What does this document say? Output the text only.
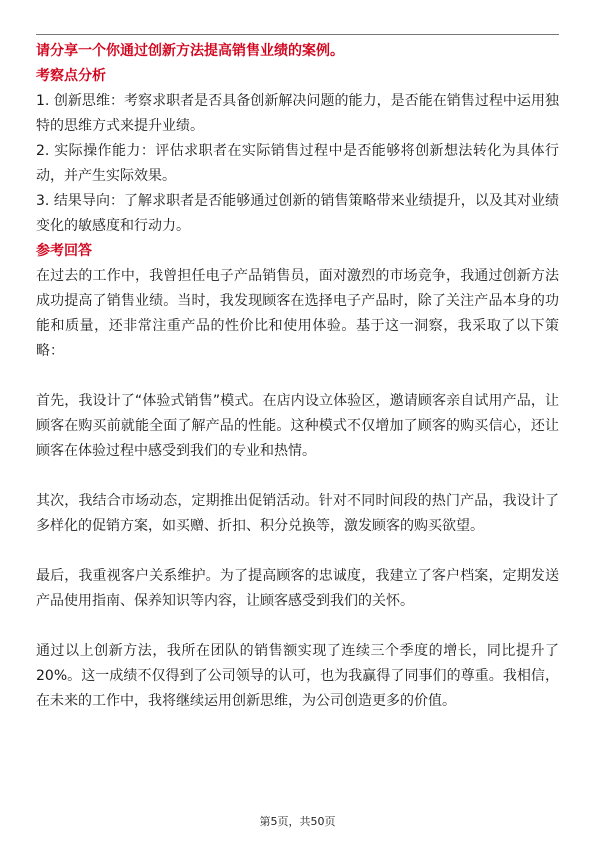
请分享一个你通过创新方法提高销售业绩的案例。

考察点分析

1. 创新思维：考察求职者是否具备创新解决问题的能力，是否能在销售过程中运用独特的思维方式来提升业绩。

2. 实际操作能力：评估求职者在实际销售过程中是否能够将创新想法转化为具体行动，并产生实际效果。

3. 结果导向：了解求职者是否能够通过创新的销售策略带来业绩提升，以及其对业绩变化的敏感度和行动力。

参考回答

在过去的工作中，我曾担任电子产品销售员，面对激烈的市场竞争，我通过创新方法成功提高了销售业绩。当时，我发现顾客在选择电子产品时，除了关注产品本身的功能和质量，还非常注重产品的性价比和使用体验。基于这一洞察，我采取了以下策略：

首先，我设计了“体验式销售”模式。在店内设立体验区，邀请顾客亲自试用产品，让顾客在购买前就能全面了解产品的性能。这种模式不仅增加了顾客的购买信心，还让顾客在体验过程中感受到我们的专业和热情。

其次，我结合市场动态，定期推出促销活动。针对不同时间段的热门产品，我设计了多样化的促销方案，如买赠、折扣、积分兑换等，激发顾客的购买欲望。

最后，我重视客户关系维护。为了提高顾客的忠诚度，我建立了客户档案，定期发送产品使用指南、保养知识等内容，让顾客感受到我们的关怀。

通过以上创新方法，我所在团队的销售额实现了连续三个季度的增长，同比提升了20%。这一成绩不仅得到了公司领导的认可，也为我赢得了同事们的尊重。我相信，在未来的工作中，我将继续运用创新思维，为公司创造更多的价值。

第5页，共50页
